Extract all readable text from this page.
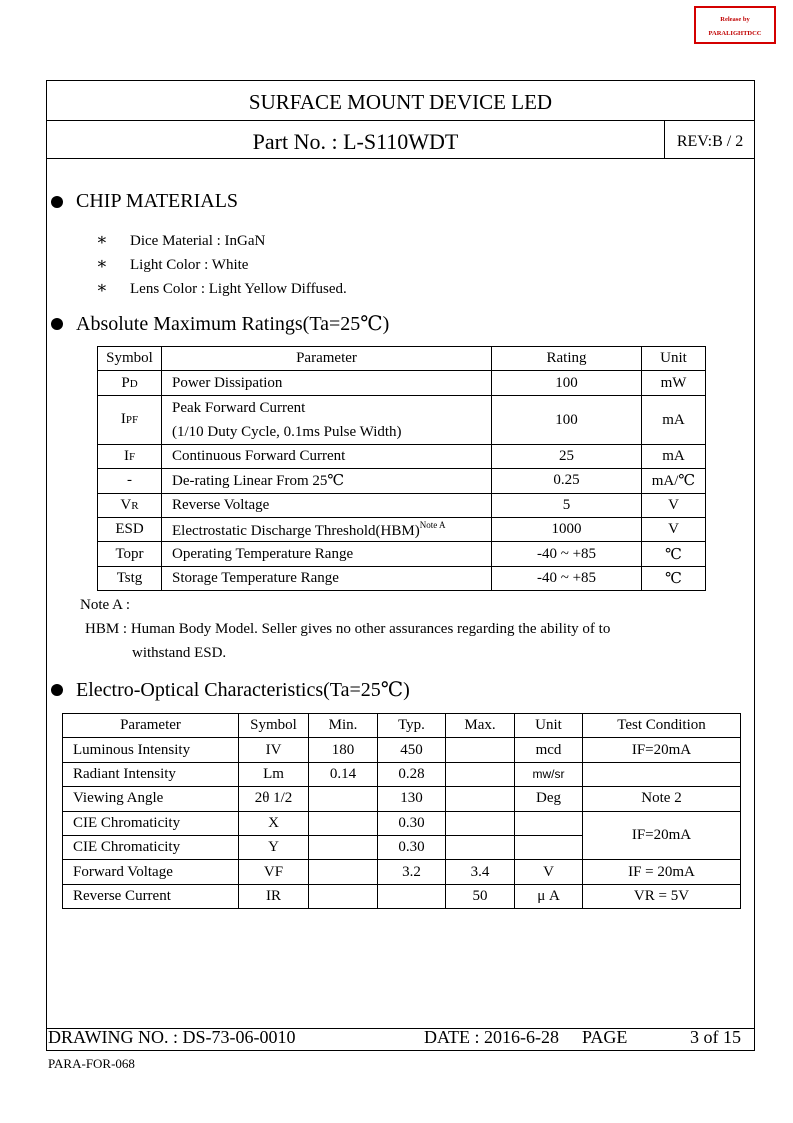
Release by
PARALIGHTDCC
SURFACE MOUNT DEVICE LED
Part No. : L-S110WDT	REV:B / 2
CHIP MATERIALS
∗ Dice Material : InGaN
∗ Light Color : White
∗ Lens Color : Light Yellow Diffused.
Absolute Maximum Ratings(Ta=25℃)
Symbol	Parameter	Rating	Unit
PD	Power Dissipation	100	mW
IPF	Peak Forward Current
(1/10 Duty Cycle, 0.1ms Pulse Width)	100	mA
IF	Continuous Forward Current	25	mA
-	De-rating Linear From 25℃	0.25	mA/℃
VR	Reverse Voltage	5	V
ESD	Electrostatic Discharge Threshold(HBM)$^{Note A}$	1000	V
Topr	Operating Temperature Range	-40 ~ +85	℃
Tstg	Storage Temperature Range	-40 ~ +85	℃
Note A :
HBM : Human Body Model. Seller gives no other assurances regarding the ability of to
withstand ESD.
Electro-Optical Characteristics(Ta=25℃)
Parameter	Symbol	Min.	Typ.	Max.	Unit	Test Condition
Luminous Intensity	IV	180	450		mcd	IF=20mA
Radiant Intensity	Lm	0.14	0.28		mw/sr	
Viewing Angle	2θ 1/2		130		Deg	Note 2
CIE Chromaticity	X		0.30			IF=20mA
CIE Chromaticity	Y		0.30			
Forward Voltage	VF		3.2	3.4	V	IF = 20mA
Reverse Current	IR			50	μ A	VR = 5V
DRAWING NO. : DS-73-06-0010	DATE : 2016-6-28 PAGE	3 of 15
PARA-FOR-068
